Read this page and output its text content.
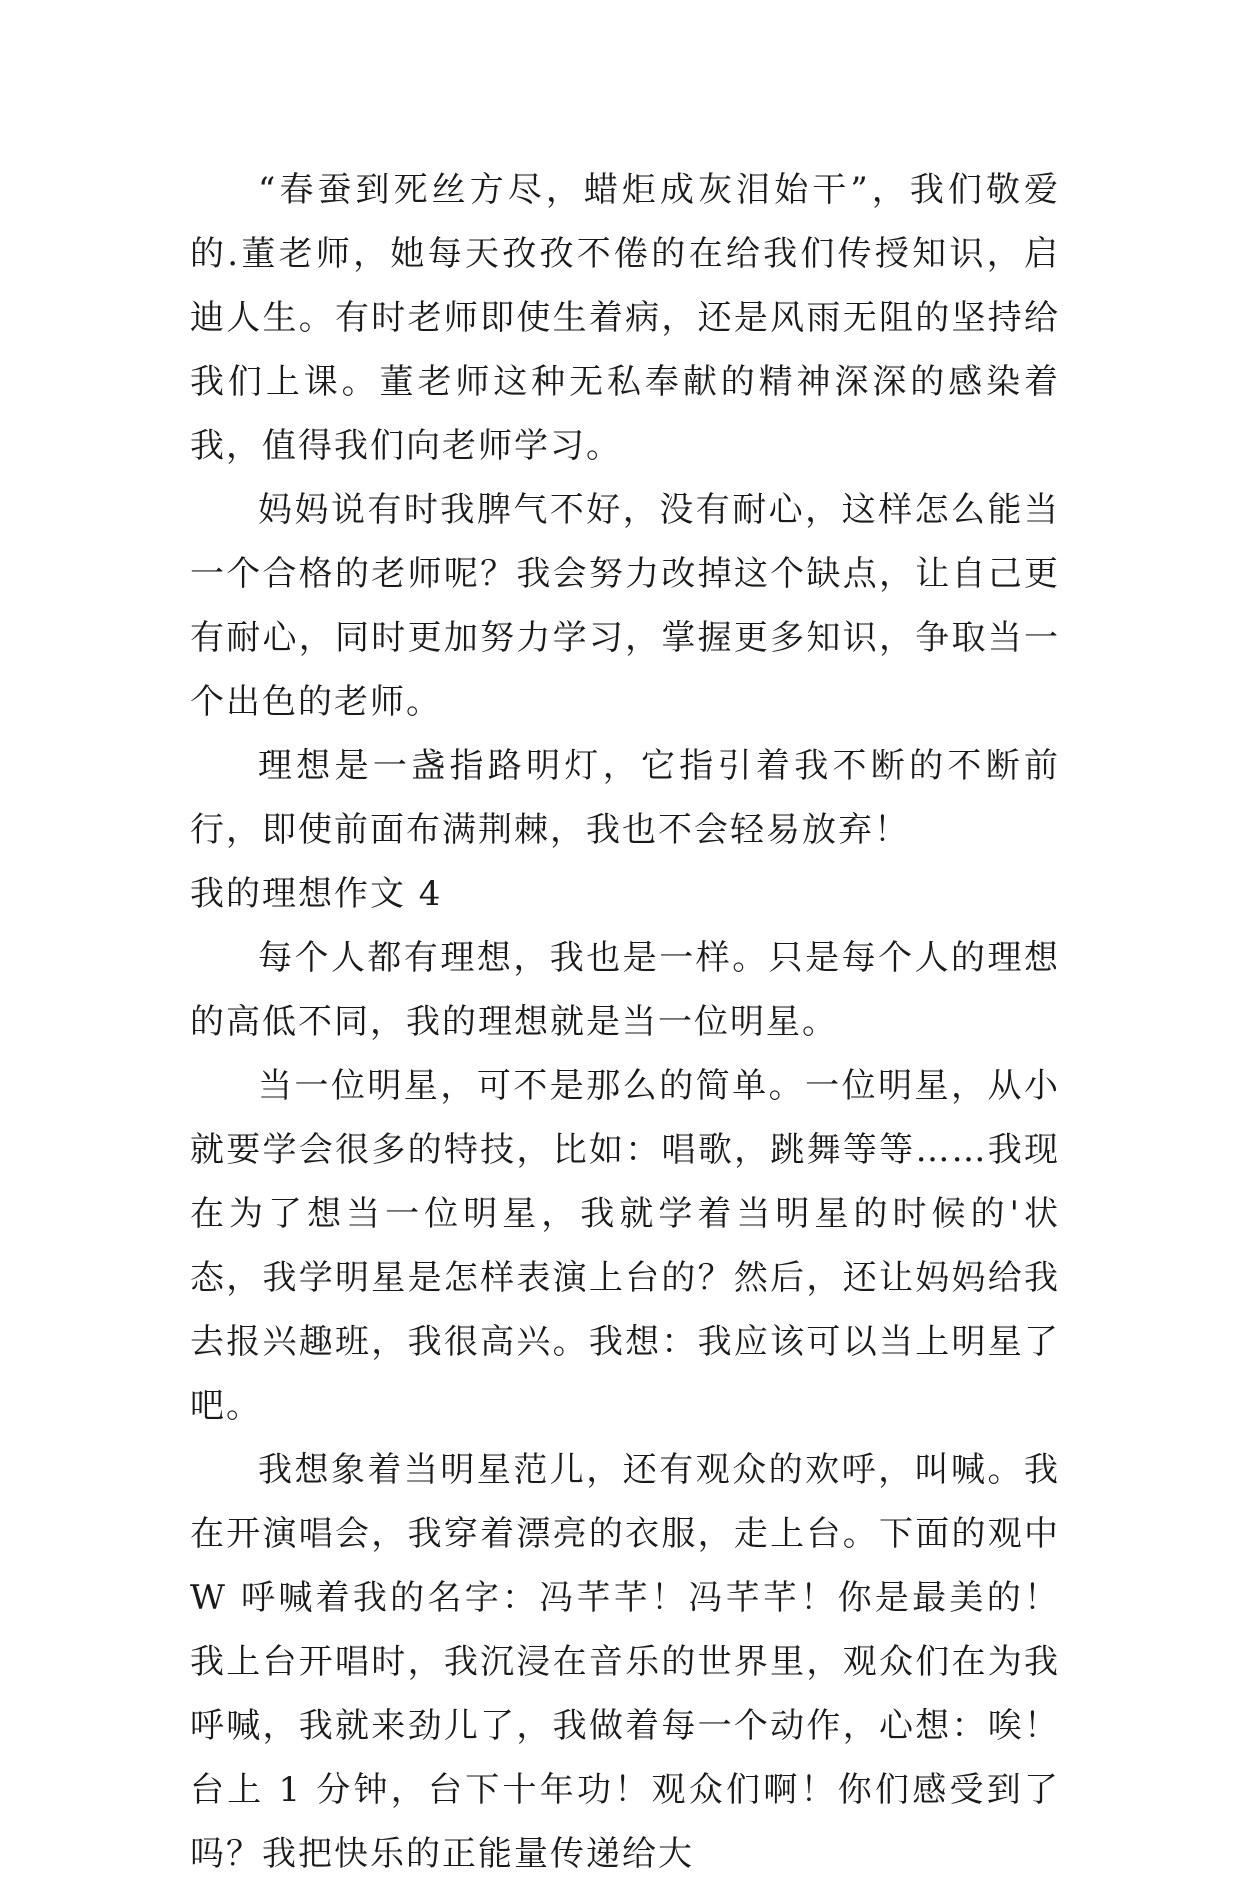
“春蚕到死丝方尽，蜡炬成灰泪始干”，我们敬爱的.董老师，她每天孜孜不倦的在给我们传授知识，启迪人生。有时老师即使生着病，还是风雨无阻的坚持给我们上课。董老师这种无私奉献的精神深深的感染着我，值得我们向老师学习。

妈妈说有时我脾气不好，没有耐心，这样怎么能当一个合格的老师呢？我会努力改掉这个缺点，让自己更有耐心，同时更加努力学习，掌握更多知识，争取当一个出色的老师。

理想是一盏指路明灯，它指引着我不断的不断前行，即使前面布满荆棘，我也不会轻易放弃！

我的理想作文 4

每个人都有理想，我也是一样。只是每个人的理想的高低不同，我的理想就是当一位明星。

当一位明星，可不是那么的简单。一位明星，从小就要学会很多的特技，比如：唱歌，跳舞等等……我现在为了想当一位明星，我就学着当明星的时候的'状态，我学明星是怎样表演上台的？然后，还让妈妈给我去报兴趣班，我很高兴。我想：我应该可以当上明星了吧。

我想象着当明星范儿，还有观众的欢呼，叫喊。我在开演唱会，我穿着漂亮的衣服，走上台。下面的观中 W 呼喊着我的名字：冯芊芊！冯芊芊！你是最美的！我上台开唱时，我沉浸在音乐的世界里，观众们在为我呼喊，我就来劲儿了，我做着每一个动作，心想：唉！台上 1 分钟，台下十年功！观众们啊！你们感受到了吗？我把快乐的正能量传递给大
